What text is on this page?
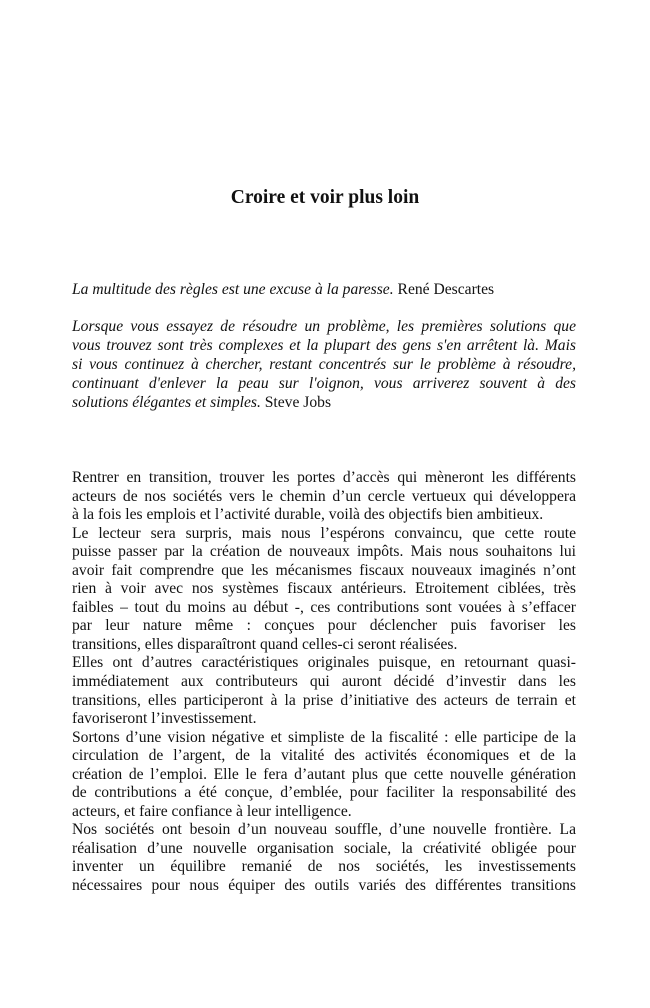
Croire et voir plus loin
La multitude des règles est une excuse à la paresse. René Descartes
Lorsque vous essayez de résoudre un problème, les premières solutions que
vous trouvez sont très complexes et la plupart des gens s'en arrêtent là. Mais
si vous continuez à chercher, restant concentrés sur le problème à résoudre,
continuant d'enlever la peau sur l'oignon, vous arriverez souvent à des
solutions élégantes et simples. Steve Jobs
Rentrer en transition, trouver les portes d’accès qui mèneront les différents
acteurs de nos sociétés vers le chemin d’un cercle vertueux qui développera
à la fois les emplois et l’activité durable, voilà des objectifs bien ambitieux.
Le lecteur sera surpris, mais nous l’espérons convaincu, que cette route
puisse passer par la création de nouveaux impôts. Mais nous souhaitons lui
avoir fait comprendre que les mécanismes fiscaux nouveaux imaginés n’ont
rien à voir avec nos systèmes fiscaux antérieurs. Etroitement ciblées, très
faibles – tout du moins au début -, ces contributions sont vouées à s’effacer
par leur nature même : conçues pour déclencher puis favoriser les
transitions, elles disparaîtront quand celles-ci seront réalisées.
Elles ont d’autres caractéristiques originales puisque, en retournant quasi-
immédiatement aux contributeurs qui auront décidé d’investir dans les
transitions, elles participeront à la prise d’initiative des acteurs de terrain et
favoriseront l’investissement.
Sortons d’une vision négative et simpliste de la fiscalité : elle participe de la
circulation de l’argent, de la vitalité des activités économiques et de la
création de l’emploi. Elle le fera d’autant plus que cette nouvelle génération
de contributions a été conçue, d’emblée, pour faciliter la responsabilité des
acteurs, et faire confiance à leur intelligence.
Nos sociétés ont besoin d’un nouveau souffle, d’une nouvelle frontière. La
réalisation d’une nouvelle organisation sociale, la créativité obligée pour
inventer un équilibre remanié de nos sociétés, les investissements
nécessaires pour nous équiper des outils variés des différentes transitions
